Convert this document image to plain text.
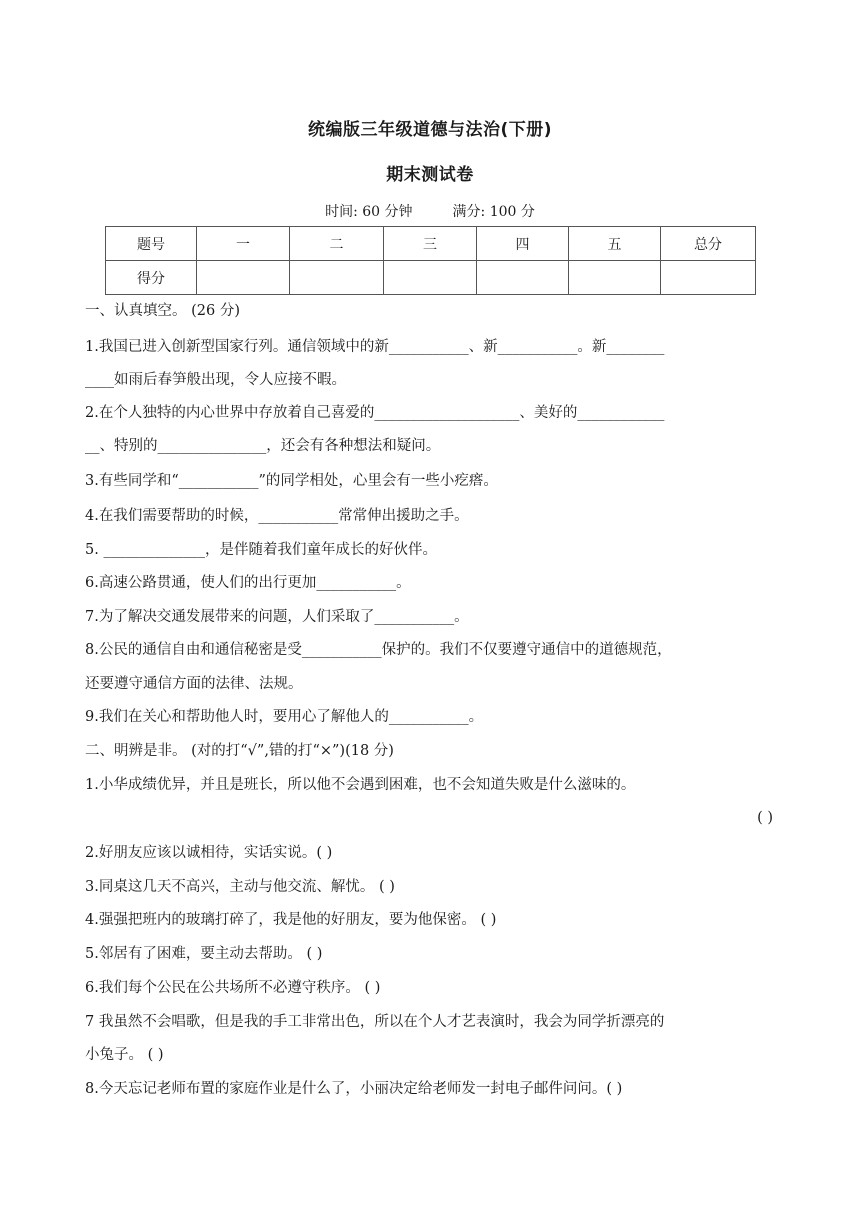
统编版三年级道德与法治(下册)
期末测试卷
时间: 60 分钟	满分: 100 分
题号	一	二	三	四	五	总分
得分						
一、认真填空。 (26 分)
1.我国已进入创新型国家行列。通信领域中的新___________、新___________。新________
____如雨后春笋般出现，令人应接不暇。
2.在个人独特的内心世界中存放着自己喜爱的____________________、美好的____________
__、特别的_______________，还会有各种想法和疑问。
3.有些同学和“___________”的同学相处，心里会有一些小疙瘩。
4.在我们需要帮助的时候，___________常常伸出援助之手。
5. ______________，是伴随着我们童年成长的好伙伴。
6.高速公路贯通，使人们的出行更加___________。
7.为了解决交通发展带来的问题，人们采取了___________。
8.公民的通信自由和通信秘密是受___________保护的。我们不仅要遵守通信中的道德规范，
还要遵守通信方面的法律、法规。
9.我们在关心和帮助他人时，要用心了解他人的___________。
二、明辨是非。 (对的打“√”,错的打“×”)(18 分)
1.小华成绩优异，并且是班长，所以他不会遇到困难，也不会知道失败是什么滋味的。
( )
2.好朋友应该以诚相待，实话实说。( )
3.同桌这几天不高兴，主动与他交流、解忧。 ( )
4.强强把班内的玻璃打碎了，我是他的好朋友，要为他保密。 ( )
5.邻居有了困难，要主动去帮助。 ( )
6.我们每个公民在公共场所不必遵守秩序。 ( )
7 我虽然不会唱歌，但是我的手工非常出色，所以在个人才艺表演时，我会为同学折漂亮的
小兔子。 ( )
8.今天忘记老师布置的家庭作业是什么了，小丽决定给老师发一封电子邮件问问。( )
